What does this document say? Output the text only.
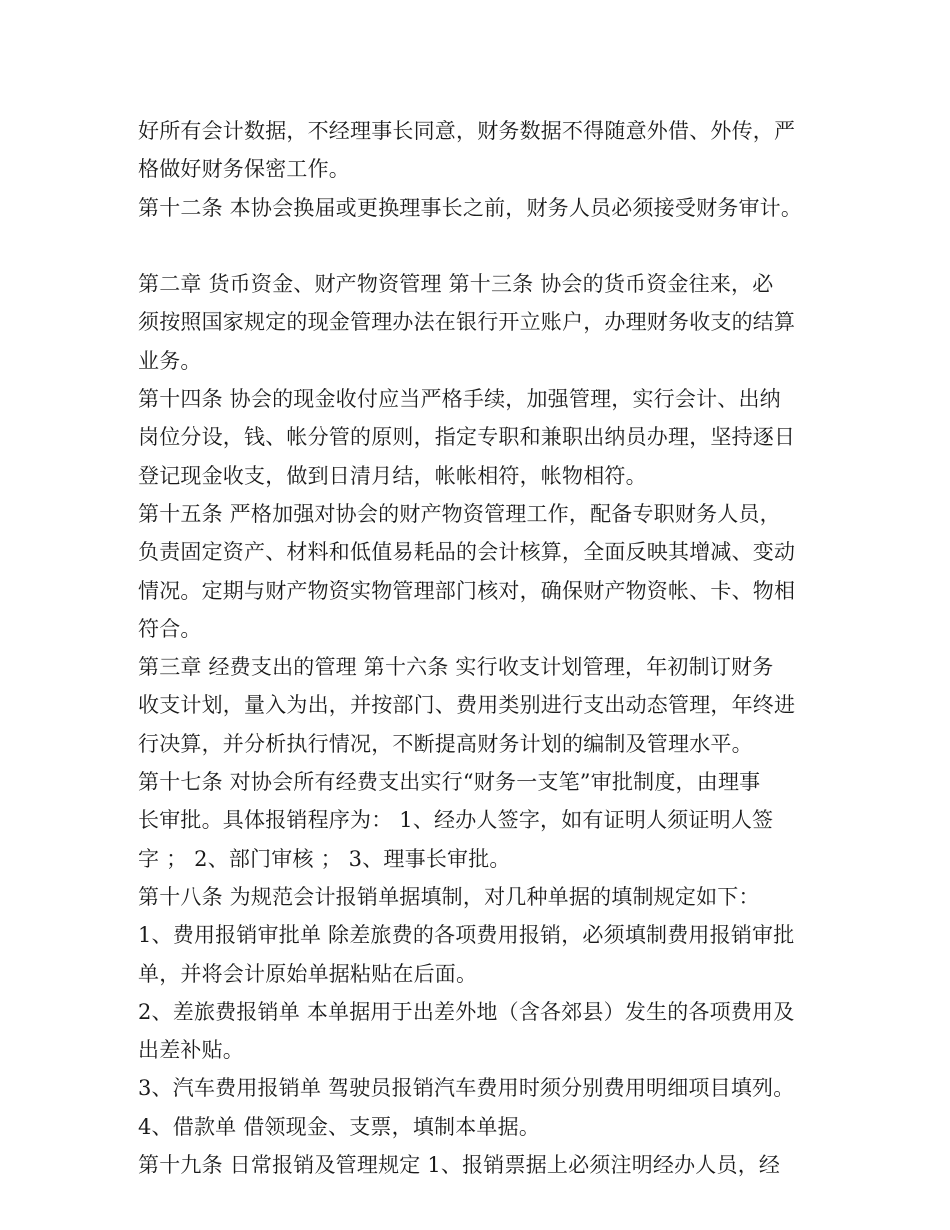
好所有会计数据，不经理事长同意，财务数据不得随意外借、外传，严
格做好财务保密工作。
第十二条 本协会换届或更换理事长之前，财务人员必须接受财务审计。
第二章 货币资金、财产物资管理 第十三条 协会的货币资金往来，必
须按照国家规定的现金管理办法在银行开立账户，办理财务收支的结算
业务。
第十四条 协会的现金收付应当严格手续，加强管理，实行会计、出纳
岗位分设，钱、帐分管的原则，指定专职和兼职出纳员办理，坚持逐日
登记现金收支，做到日清月结，帐帐相符，帐物相符。
第十五条 严格加强对协会的财产物资管理工作，配备专职财务人员，
负责固定资产、材料和低值易耗品的会计核算，全面反映其增减、变动
情况。定期与财产物资实物管理部门核对，确保财产物资帐、卡、物相
符合。
第三章 经费支出的管理 第十六条 实行收支计划管理，年初制订财务
收支计划，量入为出，并按部门、费用类别进行支出动态管理，年终进
行决算，并分析执行情况，不断提高财务计划的编制及管理水平。
第十七条 对协会所有经费支出实行“财务一支笔”审批制度，由理事
长审批。具体报销程序为： 1、经办人签字，如有证明人须证明人签
字 ； 2、部门审核 ； 3、理事长审批。
第十八条 为规范会计报销单据填制，对几种单据的填制规定如下：
1、费用报销审批单 除差旅费的各项费用报销，必须填制费用报销审批
单，并将会计原始单据粘贴在后面。
2、差旅费报销单 本单据用于出差外地（含各郊县）发生的各项费用及
出差补贴。
3、汽车费用报销单 驾驶员报销汽车费用时须分别费用明细项目填列。
4、借款单 借领现金、支票，填制本单据。
第十九条 日常报销及管理规定 1、报销票据上必须注明经办人员，经
